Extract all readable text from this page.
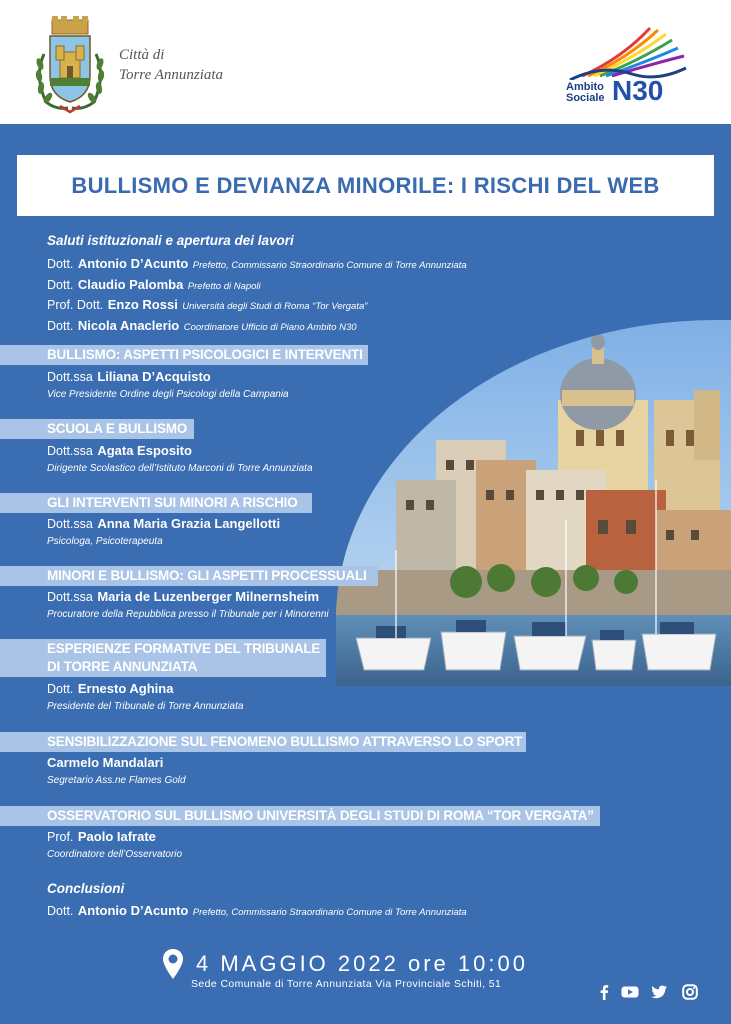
Città di
Torre Annunziata
Ambito
Sociale N30
BULLISMO E DEVIANZA MINORILE: I RISCHI DEL WEB
Saluti istituzionali e apertura dei lavori
Dott. Antonio D’Acunto Prefetto, Commissario Straordinario Comune di Torre Annunziata
Dott. Claudio Palomba Prefetto di Napoli
Prof. Dott. Enzo Rossi Università degli Studi di Roma “Tor Vergata”
Dott. Nicola Anaclerio Coordinatore Ufficio di Piano Ambito N30
BULLISMO: ASPETTI PSICOLOGICI E INTERVENTI
Dott.ssa Liliana D’Acquisto
Vice Presidente Ordine degli Psicologi della Campania
SCUOLA E BULLISMO
Dott.ssa Agata Esposito
Dirigente Scolastico dell’Istituto Marconi di Torre Annunziata
GLI INTERVENTI SUI MINORI A RISCHIO
Dott.ssa Anna Maria Grazia Langellotti
Psicologa, Psicoterapeuta
MINORI E BULLISMO: GLI ASPETTI PROCESSUALI
Dott.ssa Maria de Luzenberger Milnernsheim
Procuratore della Repubblica presso il Tribunale per i Minorenni
ESPERIENZE FORMATIVE DEL TRIBUNALE
DI TORRE ANNUNZIATA
Dott. Ernesto Aghina
Presidente del Tribunale di Torre Annunziata
SENSIBILIZZAZIONE SUL FENOMENO BULLISMO ATTRAVERSO LO SPORT
Carmelo Mandalari
Segretario Ass.ne Flames Gold
OSSERVATORIO SUL BULLISMO UNIVERSITÀ DEGLI STUDI DI ROMA “TOR VERGATA”
Prof. Paolo Iafrate
Coordinatore dell’Osservatorio
Conclusioni
Dott. Antonio D’Acunto Prefetto, Commissario Straordinario Comune di Torre Annunziata
4 MAGGIO 2022 ore 10:00
Sede Comunale di Torre Annunziata Via Provinciale Schiti, 51
